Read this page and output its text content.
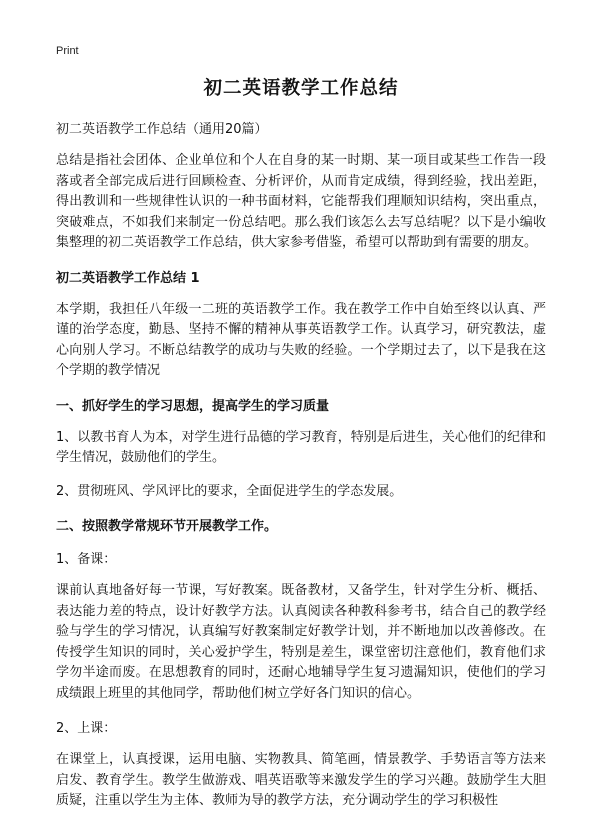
Print
初二英语教学工作总结
初二英语教学工作总结（通用20篇）

总结是指社会团体、企业单位和个人在自身的某一时期、某一项目或某些工作告一段落或者全部完成后进行回顾检查、分析评价，从而肯定成绩，得到经验，找出差距，得出教训和一些规律性认识的一种书面材料，它能帮我们理顺知识结构，突出重点，突破难点，不如我们来制定一份总结吧。那么我们该怎么去写总结呢？以下是小编收集整理的初二英语教学工作总结，供大家参考借鉴，希望可以帮助到有需要的朋友。

初二英语教学工作总结 1

本学期，我担任八年级一二班的英语教学工作。我在教学工作中自始至终以认真、严谨的治学态度，勤恳、坚持不懈的精神从事英语教学工作。认真学习，研究教法，虚心向别人学习。不断总结教学的成功与失败的经验。一个学期过去了，以下是我在这个学期的教学情况

一、抓好学生的学习思想，提高学生的学习质量

1、以教书育人为本，对学生进行品德的学习教育，特别是后进生，关心他们的纪律和学生情况，鼓励他们的学生。

2、贯彻班风、学风评比的要求，全面促进学生的学态发展。

二、按照教学常规环节开展教学工作。
1、备课：

课前认真地备好每一节课，写好教案。既备教材，又备学生，针对学生分析、概括、表达能力差的特点，设计好教学方法。认真阅读各种教科参考书，结合自己的教学经验与学生的学习情况，认真编写好教案制定好教学计划，并不断地加以改善修改。在传授学生知识的同时，关心爱护学生，特别是差生，课堂密切注意他们，教育他们求学勿半途而废。在思想教育的同时，还耐心地辅导学生复习遗漏知识，使他们的学习成绩跟上班里的其他同学，帮助他们树立学好各门知识的信心。

2、上课：

在课堂上，认真授课，运用电脑、实物教具、简笔画，情景教学、手势语言等方法来启发、教育学生。教学生做游戏、唱英语歌等来激发学生的学习兴趣。鼓励学生大胆质疑，注重以学生为主体、教师为导的教学方法，充分调动学生的学习积极性
